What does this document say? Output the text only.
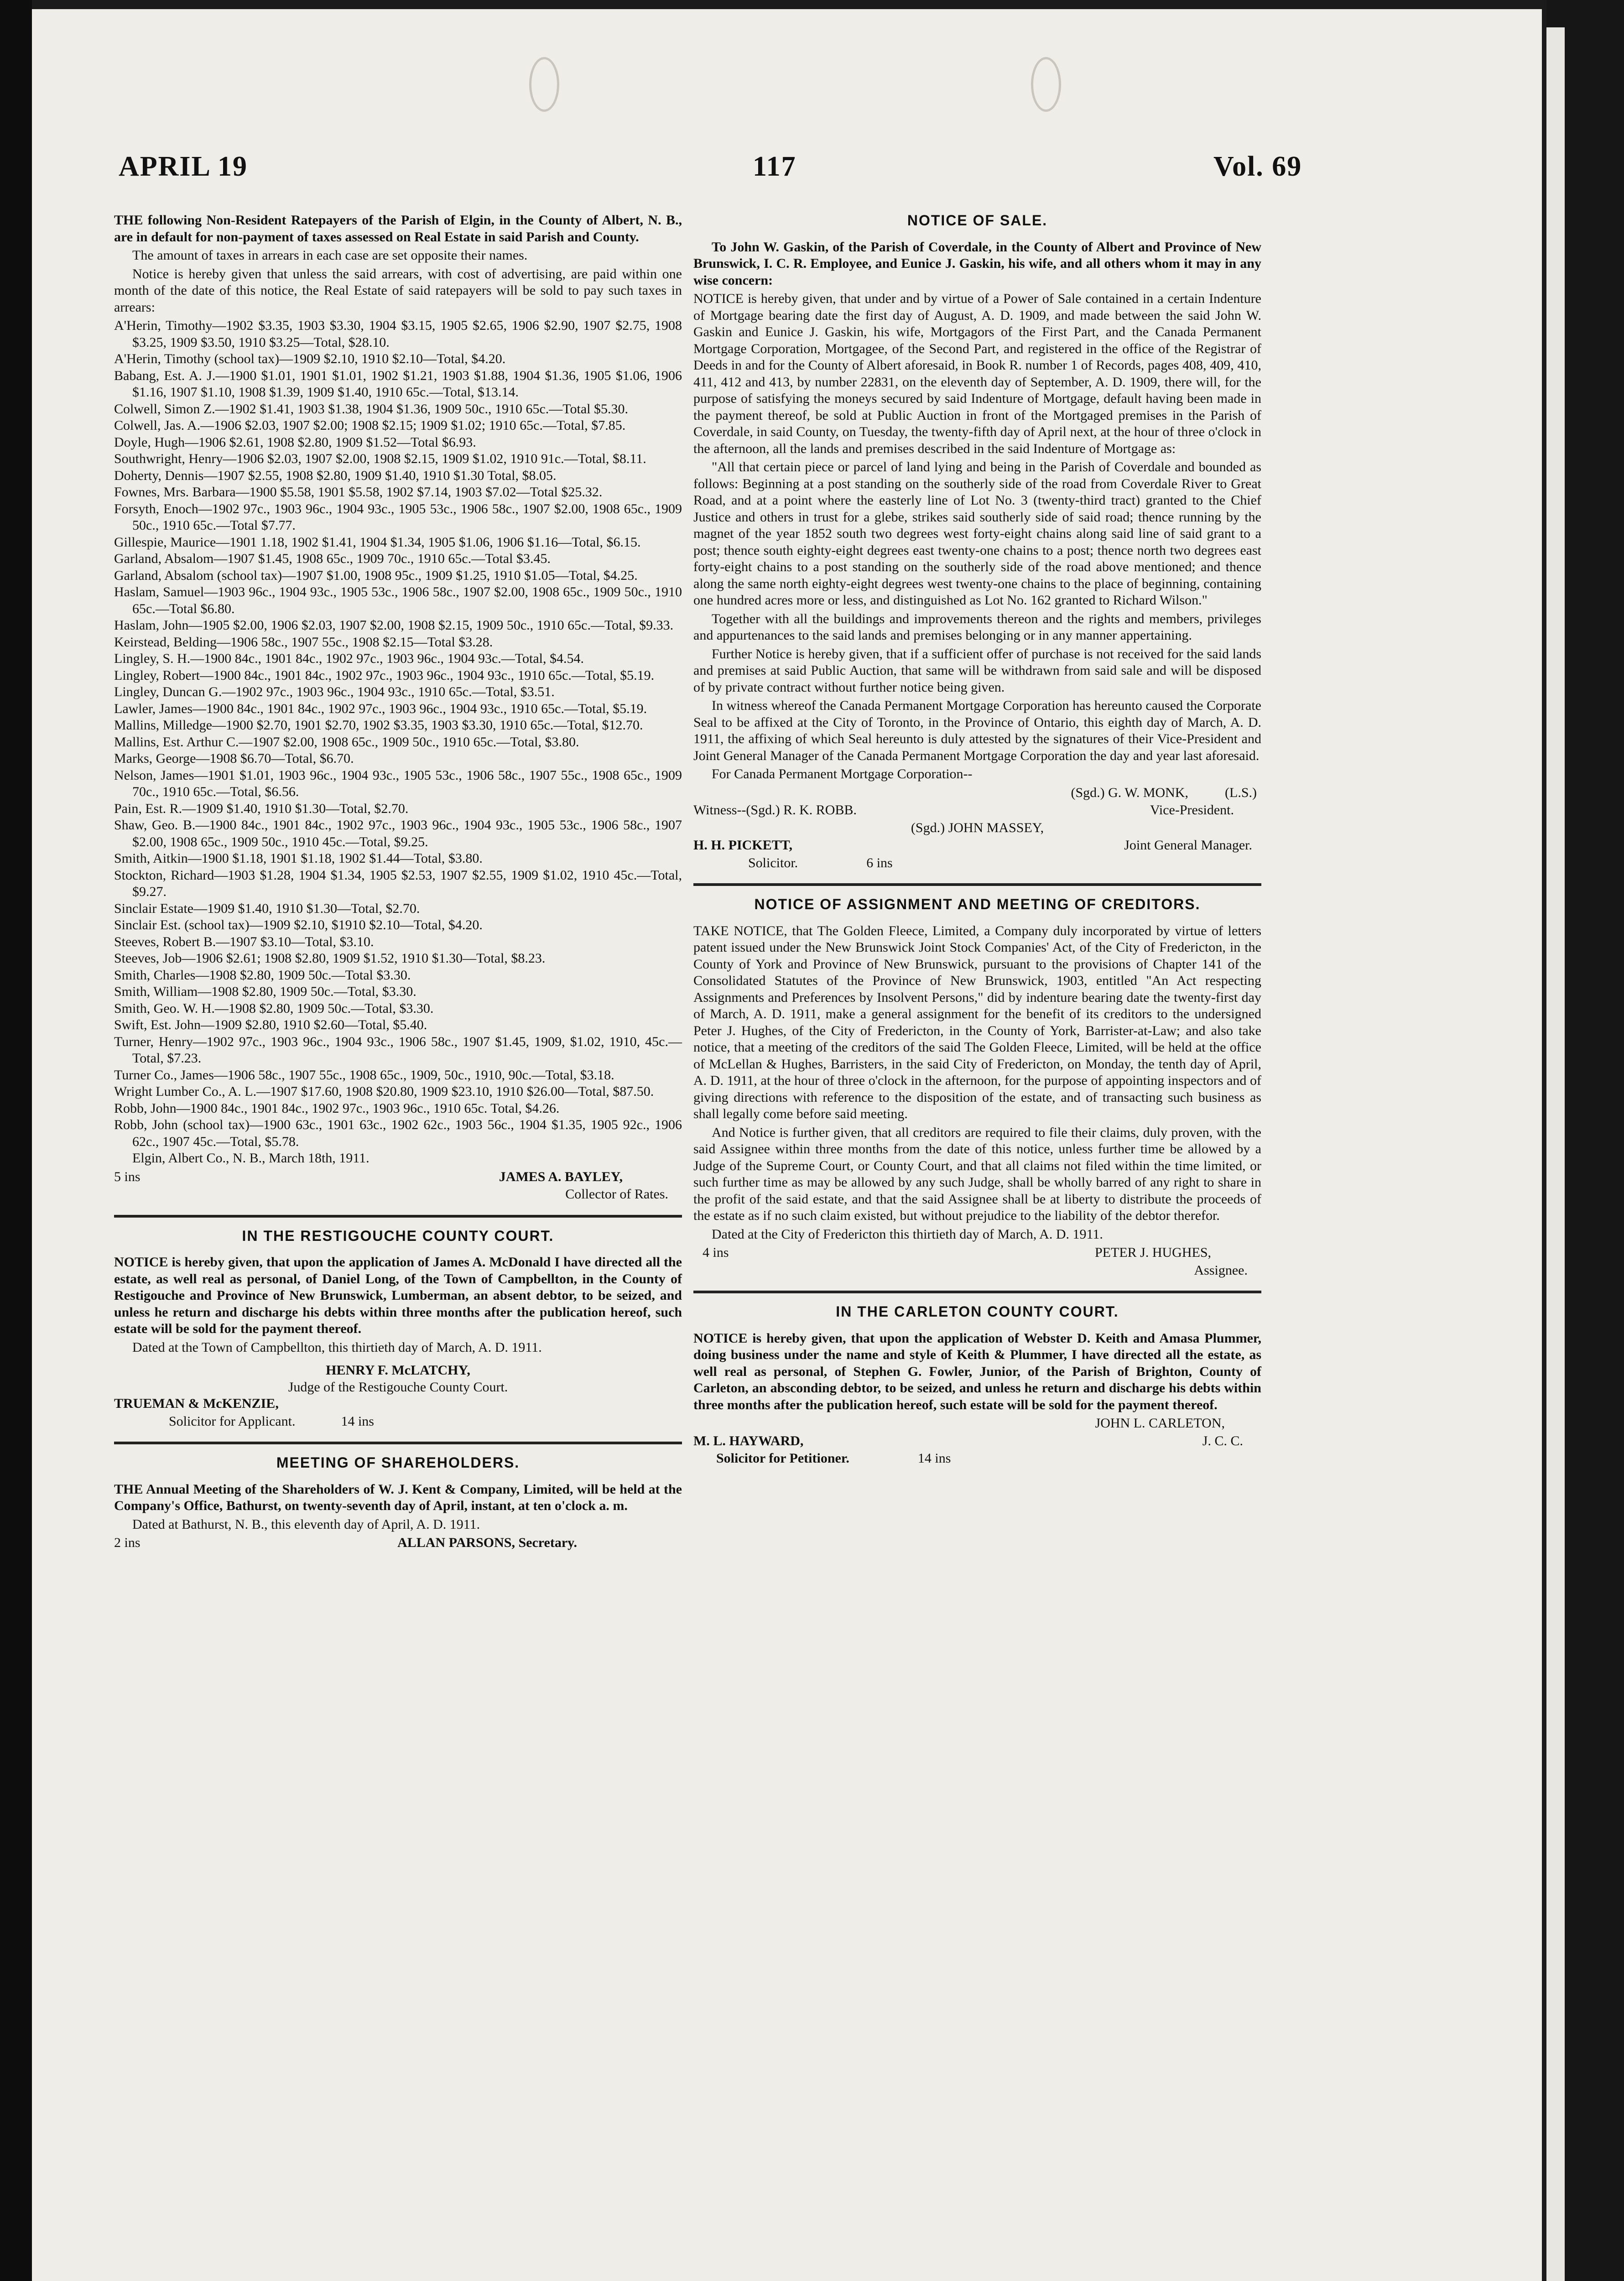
APRIL 19	117	Vol. 69

THE following Non-Resident Ratepayers of the Parish of Elgin, in the County of Albert, N. B., are in default for non-payment of taxes assessed on Real Estate in said Parish and County.

The amount of taxes in arrears in each case are set opposite their names.

Notice is hereby given that unless the said arrears, with cost of advertising, are paid within one month of the date of this notice, the Real Estate of said ratepayers will be sold to pay such taxes in arrears:

A'Herin, Timothy—1902 $3.35, 1903 $3.30, 1904 $3.15, 1905 $2.65, 1906 $2.90, 1907 $2.75, 1908 $3.25, 1909 $3.50, 1910 $3.25—Total, $28.10.

A'Herin, Timothy (school tax)—1909 $2.10, 1910 $2.10—Total, $4.20.

Babang, Est. A. J.—1900 $1.01, 1901 $1.01, 1902 $1.21, 1903 $1.88, 1904 $1.36, 1905 $1.06, 1906 $1.16, 1907 $1.10, 1908 $1.39, 1909 $1.40, 1910 65c.—Total, $13.14.

Colwell, Simon Z.—1902 $1.41, 1903 $1.38, 1904 $1.36, 1909 50c., 1910 65c.—Total $5.30.

Colwell, Jas. A.—1906 $2.03, 1907 $2.00; 1908 $2.15; 1909 $1.02; 1910 65c.—Total, $7.85.

Doyle, Hugh—1906 $2.61, 1908 $2.80, 1909 $1.52—Total $6.93.

Southwright, Henry—1906 $2.03, 1907 $2.00, 1908 $2.15, 1909 $1.02, 1910 91c.—Total, $8.11.

Doherty, Dennis—1907 $2.55, 1908 $2.80, 1909 $1.40, 1910 $1.30 Total, $8.05.

Fownes, Mrs. Barbara—1900 $5.58, 1901 $5.58, 1902 $7.14, 1903 $7.02—Total $25.32.

Forsyth, Enoch—1902 97c., 1903 96c., 1904 93c., 1905 53c., 1906 58c., 1907 $2.00, 1908 65c., 1909 50c., 1910 65c.—Total $7.77.

Gillespie, Maurice—1901 1.18, 1902 $1.41, 1904 $1.34, 1905 $1.06, 1906 $1.16—Total, $6.15.

Garland, Absalom—1907 $1.45, 1908 65c., 1909 70c., 1910 65c.—Total $3.45.

Garland, Absalom (school tax)—1907 $1.00, 1908 95c., 1909 $1.25, 1910 $1.05—Total, $4.25.

Haslam, Samuel—1903 96c., 1904 93c., 1905 53c., 1906 58c., 1907 $2.00, 1908 65c., 1909 50c., 1910 65c.—Total $6.80.

Haslam, John—1905 $2.00, 1906 $2.03, 1907 $2.00, 1908 $2.15, 1909 50c., 1910 65c.—Total, $9.33.

Keirstead, Belding—1906 58c., 1907 55c., 1908 $2.15—Total $3.28.

Lingley, S. H.—1900 84c., 1901 84c., 1902 97c., 1903 96c., 1904 93c.—Total, $4.54.

Lingley, Robert—1900 84c., 1901 84c., 1902 97c., 1903 96c., 1904 93c., 1910 65c.—Total, $5.19.

Lingley, Duncan G.—1902 97c., 1903 96c., 1904 93c., 1910 65c.—Total, $3.51.

Lawler, James—1900 84c., 1901 84c., 1902 97c., 1903 96c., 1904 93c., 1910 65c.—Total, $5.19.

Mallins, Milledge—1900 $2.70, 1901 $2.70, 1902 $3.35, 1903 $3.30, 1910 65c.—Total, $12.70.

Mallins, Est. Arthur C.—1907 $2.00, 1908 65c., 1909 50c., 1910 65c.—Total, $3.80.

Marks, George—1908 $6.70—Total, $6.70.

Nelson, James—1901 $1.01, 1903 96c., 1904 93c., 1905 53c., 1906 58c., 1907 55c., 1908 65c., 1909 70c., 1910 65c.—Total, $6.56.

Pain, Est. R.—1909 $1.40, 1910 $1.30—Total, $2.70.

Shaw, Geo. B.—1900 84c., 1901 84c., 1902 97c., 1903 96c., 1904 93c., 1905 53c., 1906 58c., 1907 $2.00, 1908 65c., 1909 50c., 1910 45c.—Total, $9.25.

Smith, Aitkin—1900 $1.18, 1901 $1.18, 1902 $1.44—Total, $3.80.

Stockton, Richard—1903 $1.28, 1904 $1.34, 1905 $2.53, 1907 $2.55, 1909 $1.02, 1910 45c.—Total, $9.27.

Sinclair Estate—1909 $1.40, 1910 $1.30—Total, $2.70.

Sinclair Est. (school tax)—1909 $2.10, $1910 $2.10—Total, $4.20.

Steeves, Robert B.—1907 $3.10—Total, $3.10.

Steeves, Job—1906 $2.61; 1908 $2.80, 1909 $1.52, 1910 $1.30—Total, $8.23.

Smith, Charles—1908 $2.80, 1909 50c.—Total $3.30.

Smith, William—1908 $2.80, 1909 50c.—Total, $3.30.

Smith, Geo. W. H.—1908 $2.80, 1909 50c.—Total, $3.30.

Swift, Est. John—1909 $2.80, 1910 $2.60—Total, $5.40.

Turner, Henry—1902 97c., 1903 96c., 1904 93c., 1906 58c., 1907 $1.45, 1909, $1.02, 1910, 45c.—Total, $7.23.

Turner Co., James—1906 58c., 1907 55c., 1908 65c., 1909, 50c., 1910, 90c.—Total, $3.18.

Wright Lumber Co., A. L.—1907 $17.60, 1908 $20.80, 1909 $23.10, 1910 $26.00—Total, $87.50.

Robb, John—1900 84c., 1901 84c., 1902 97c., 1903 96c., 1910 65c. Total, $4.26.

Robb, John (school tax)—1900 63c., 1901 63c., 1902 62c., 1903 56c., 1904 $1.35, 1905 92c., 1906 62c., 1907 45c.—Total, $5.78.

Elgin, Albert Co., N. B., March 18th, 1911.

5 ins	JAMES A. BAYLEY,
Collector of Rates.
IN THE RESTIGOUCHE COUNTY COURT.

NOTICE is hereby given, that upon the application of James A. McDonald I have directed all the estate, as well real as personal, of Daniel Long, of the Town of Campbellton, in the County of Restigouche and Province of New Brunswick, Lumberman, an absent debtor, to be seized, and unless he return and discharge his debts within three months after the publication hereof, such estate will be sold for the payment thereof.

Dated at the Town of Campbellton, this thirtieth day of March, A. D. 1911.

HENRY F. McLATCHY,
Judge of the Restigouche County Court.
TRUEMAN & McKENZIE,
Solicitor for Applicant.	14 ins
MEETING OF SHAREHOLDERS.

THE Annual Meeting of the Shareholders of W. J. Kent & Company, Limited, will be held at the Company's Office, Bathurst, on twenty-seventh day of April, instant, at ten o'clock a. m.

Dated at Bathurst, N. B., this eleventh day of April, A. D. 1911.

2 ins	ALLAN PARSONS, Secretary.
NOTICE OF SALE.

To John W. Gaskin, of the Parish of Coverdale, in the County of Albert and Province of New Brunswick, I. C. R. Employee, and Eunice J. Gaskin, his wife, and all others whom it may in any wise concern:

NOTICE is hereby given, that under and by virtue of a Power of Sale contained in a certain Indenture of Mortgage bearing date the first day of August, A. D. 1909, and made between the said John W. Gaskin and Eunice J. Gaskin, his wife, Mortgagors of the First Part, and the Canada Permanent Mortgage Corporation, Mortgagee, of the Second Part, and registered in the office of the Registrar of Deeds in and for the County of Albert aforesaid, in Book R. number 1 of Records, pages 408, 409, 410, 411, 412 and 413, by number 22831, on the eleventh day of September, A. D. 1909, there will, for the purpose of satisfying the moneys secured by said Indenture of Mortgage, default having been made in the payment thereof, be sold at Public Auction in front of the Mortgaged premises in the Parish of Coverdale, in said County, on Tuesday, the twenty-fifth day of April next, at the hour of three o'clock in the afternoon, all the lands and premises described in the said Indenture of Mortgage as:

"All that certain piece or parcel of land lying and being in the Parish of Coverdale and bounded as follows: Beginning at a post standing on the southerly side of the road from Coverdale River to Great Road, and at a point where the easterly line of Lot No. 3 (twenty-third tract) granted to the Chief Justice and others in trust for a glebe, strikes said southerly side of said road; thence running by the magnet of the year 1852 south two degrees west forty-eight chains along said line of said grant to a post; thence south eighty-eight degrees east twenty-one chains to a post; thence north two degrees east forty-eight chains to a post standing on the southerly side of the road above mentioned; and thence along the same north eighty-eight degrees west twenty-one chains to the place of beginning, containing one hundred acres more or less, and distinguished as Lot No. 162 granted to Richard Wilson."

Together with all the buildings and improvements thereon and the rights and members, privileges and appurtenances to the said lands and premises belonging or in any manner appertaining.

Further Notice is hereby given, that if a sufficient offer of purchase is not received for the said lands and premises at said Public Auction, that same will be withdrawn from said sale and will be disposed of by private contract without further notice being given.

In witness whereof the Canada Permanent Mortgage Corporation has hereunto caused the Corporate Seal to be affixed at the City of Toronto, in the Province of Ontario, this eighth day of March, A. D. 1911, the affixing of which Seal hereunto is duly attested by the signatures of their Vice-President and Joint General Manager of the Canada Permanent Mortgage Corporation the day and year last aforesaid.

For Canada Permanent Mortgage Corporation--

(Sgd.) G. W. MONK,	(L.S.)
Witness--(Sgd.) R. K. ROBB.	Vice-President.
(Sgd.) JOHN MASSEY,
H. H. PICKETT,	Joint General Manager.
Solicitor.	6 ins
NOTICE OF ASSIGNMENT AND MEETING OF CREDITORS.

TAKE NOTICE, that The Golden Fleece, Limited, a Company duly incorporated by virtue of letters patent issued under the New Brunswick Joint Stock Companies' Act, of the City of Fredericton, in the County of York and Province of New Brunswick, pursuant to the provisions of Chapter 141 of the Consolidated Statutes of the Province of New Brunswick, 1903, entitled "An Act respecting Assignments and Preferences by Insolvent Persons," did by indenture bearing date the twenty-first day of March, A. D. 1911, make a general assignment for the benefit of its creditors to the undersigned Peter J. Hughes, of the City of Fredericton, in the County of York, Barrister-at-Law; and also take notice, that a meeting of the creditors of the said The Golden Fleece, Limited, will be held at the office of McLellan & Hughes, Barristers, in the said City of Fredericton, on Monday, the tenth day of April, A. D. 1911, at the hour of three o'clock in the afternoon, for the purpose of appointing inspectors and of giving directions with reference to the disposition of the estate, and of transacting such business as shall legally come before said meeting.

And Notice is further given, that all creditors are required to file their claims, duly proven, with the said Assignee within three months from the date of this notice, unless further time be allowed by a Judge of the Supreme Court, or County Court, and that all claims not filed within the time limited, or such further time as may be allowed by any such Judge, shall be wholly barred of any right to share in the profit of the said estate, and that the said Assignee shall be at liberty to distribute the proceeds of the estate as if no such claim existed, but without prejudice to the liability of the debtor therefor.

Dated at the City of Fredericton this thirtieth day of March, A. D. 1911.

4 ins	PETER J. HUGHES,
Assignee.
IN THE CARLETON COUNTY COURT.

NOTICE is hereby given, that upon the application of Webster D. Keith and Amasa Plummer, doing business under the name and style of Keith & Plummer, I have directed all the estate, as well real as personal, of Stephen G. Fowler, Junior, of the Parish of Brighton, County of Carleton, an absconding debtor, to be seized, and unless he return and discharge his debts within three months after the publication hereof, such estate will be sold for the payment thereof.

JOHN L. CARLETON,
M. L. HAYWARD,	J. C. C.
Solicitor for Petitioner.	14 ins
